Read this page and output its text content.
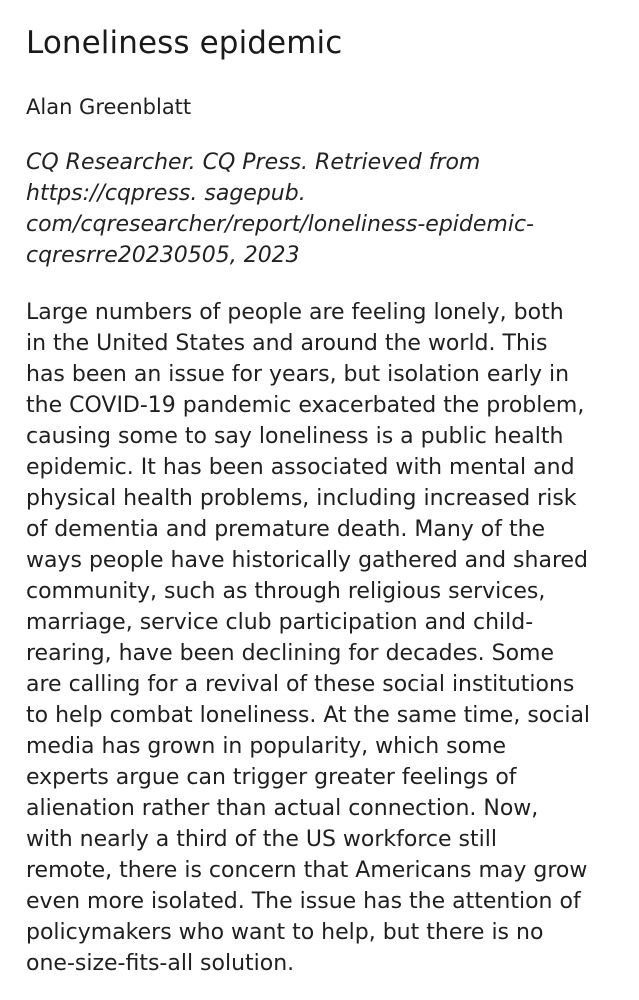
Loneliness epidemic

Alan Greenblatt

CQ Researcher. CQ Press. Retrieved from
https://cqpress. sagepub.
com/cqresearcher/report/loneliness-epidemic-
cqresrre20230505, 2023

Large numbers of people are feeling lonely, both
in the United States and around the world. This
has been an issue for years, but isolation early in
the COVID-19 pandemic exacerbated the problem,
causing some to say loneliness is a public health
epidemic. It has been associated with mental and
physical health problems, including increased risk
of dementia and premature death. Many of the
ways people have historically gathered and shared
community, such as through religious services,
marriage, service club participation and child-
rearing, have been declining for decades. Some
are calling for a revival of these social institutions
to help combat loneliness. At the same time, social
media has grown in popularity, which some
experts argue can trigger greater feelings of
alienation rather than actual connection. Now,
with nearly a third of the US workforce still
remote, there is concern that Americans may grow
even more isolated. The issue has the attention of
policymakers who want to help, but there is no
one-size-fits-all solution.
